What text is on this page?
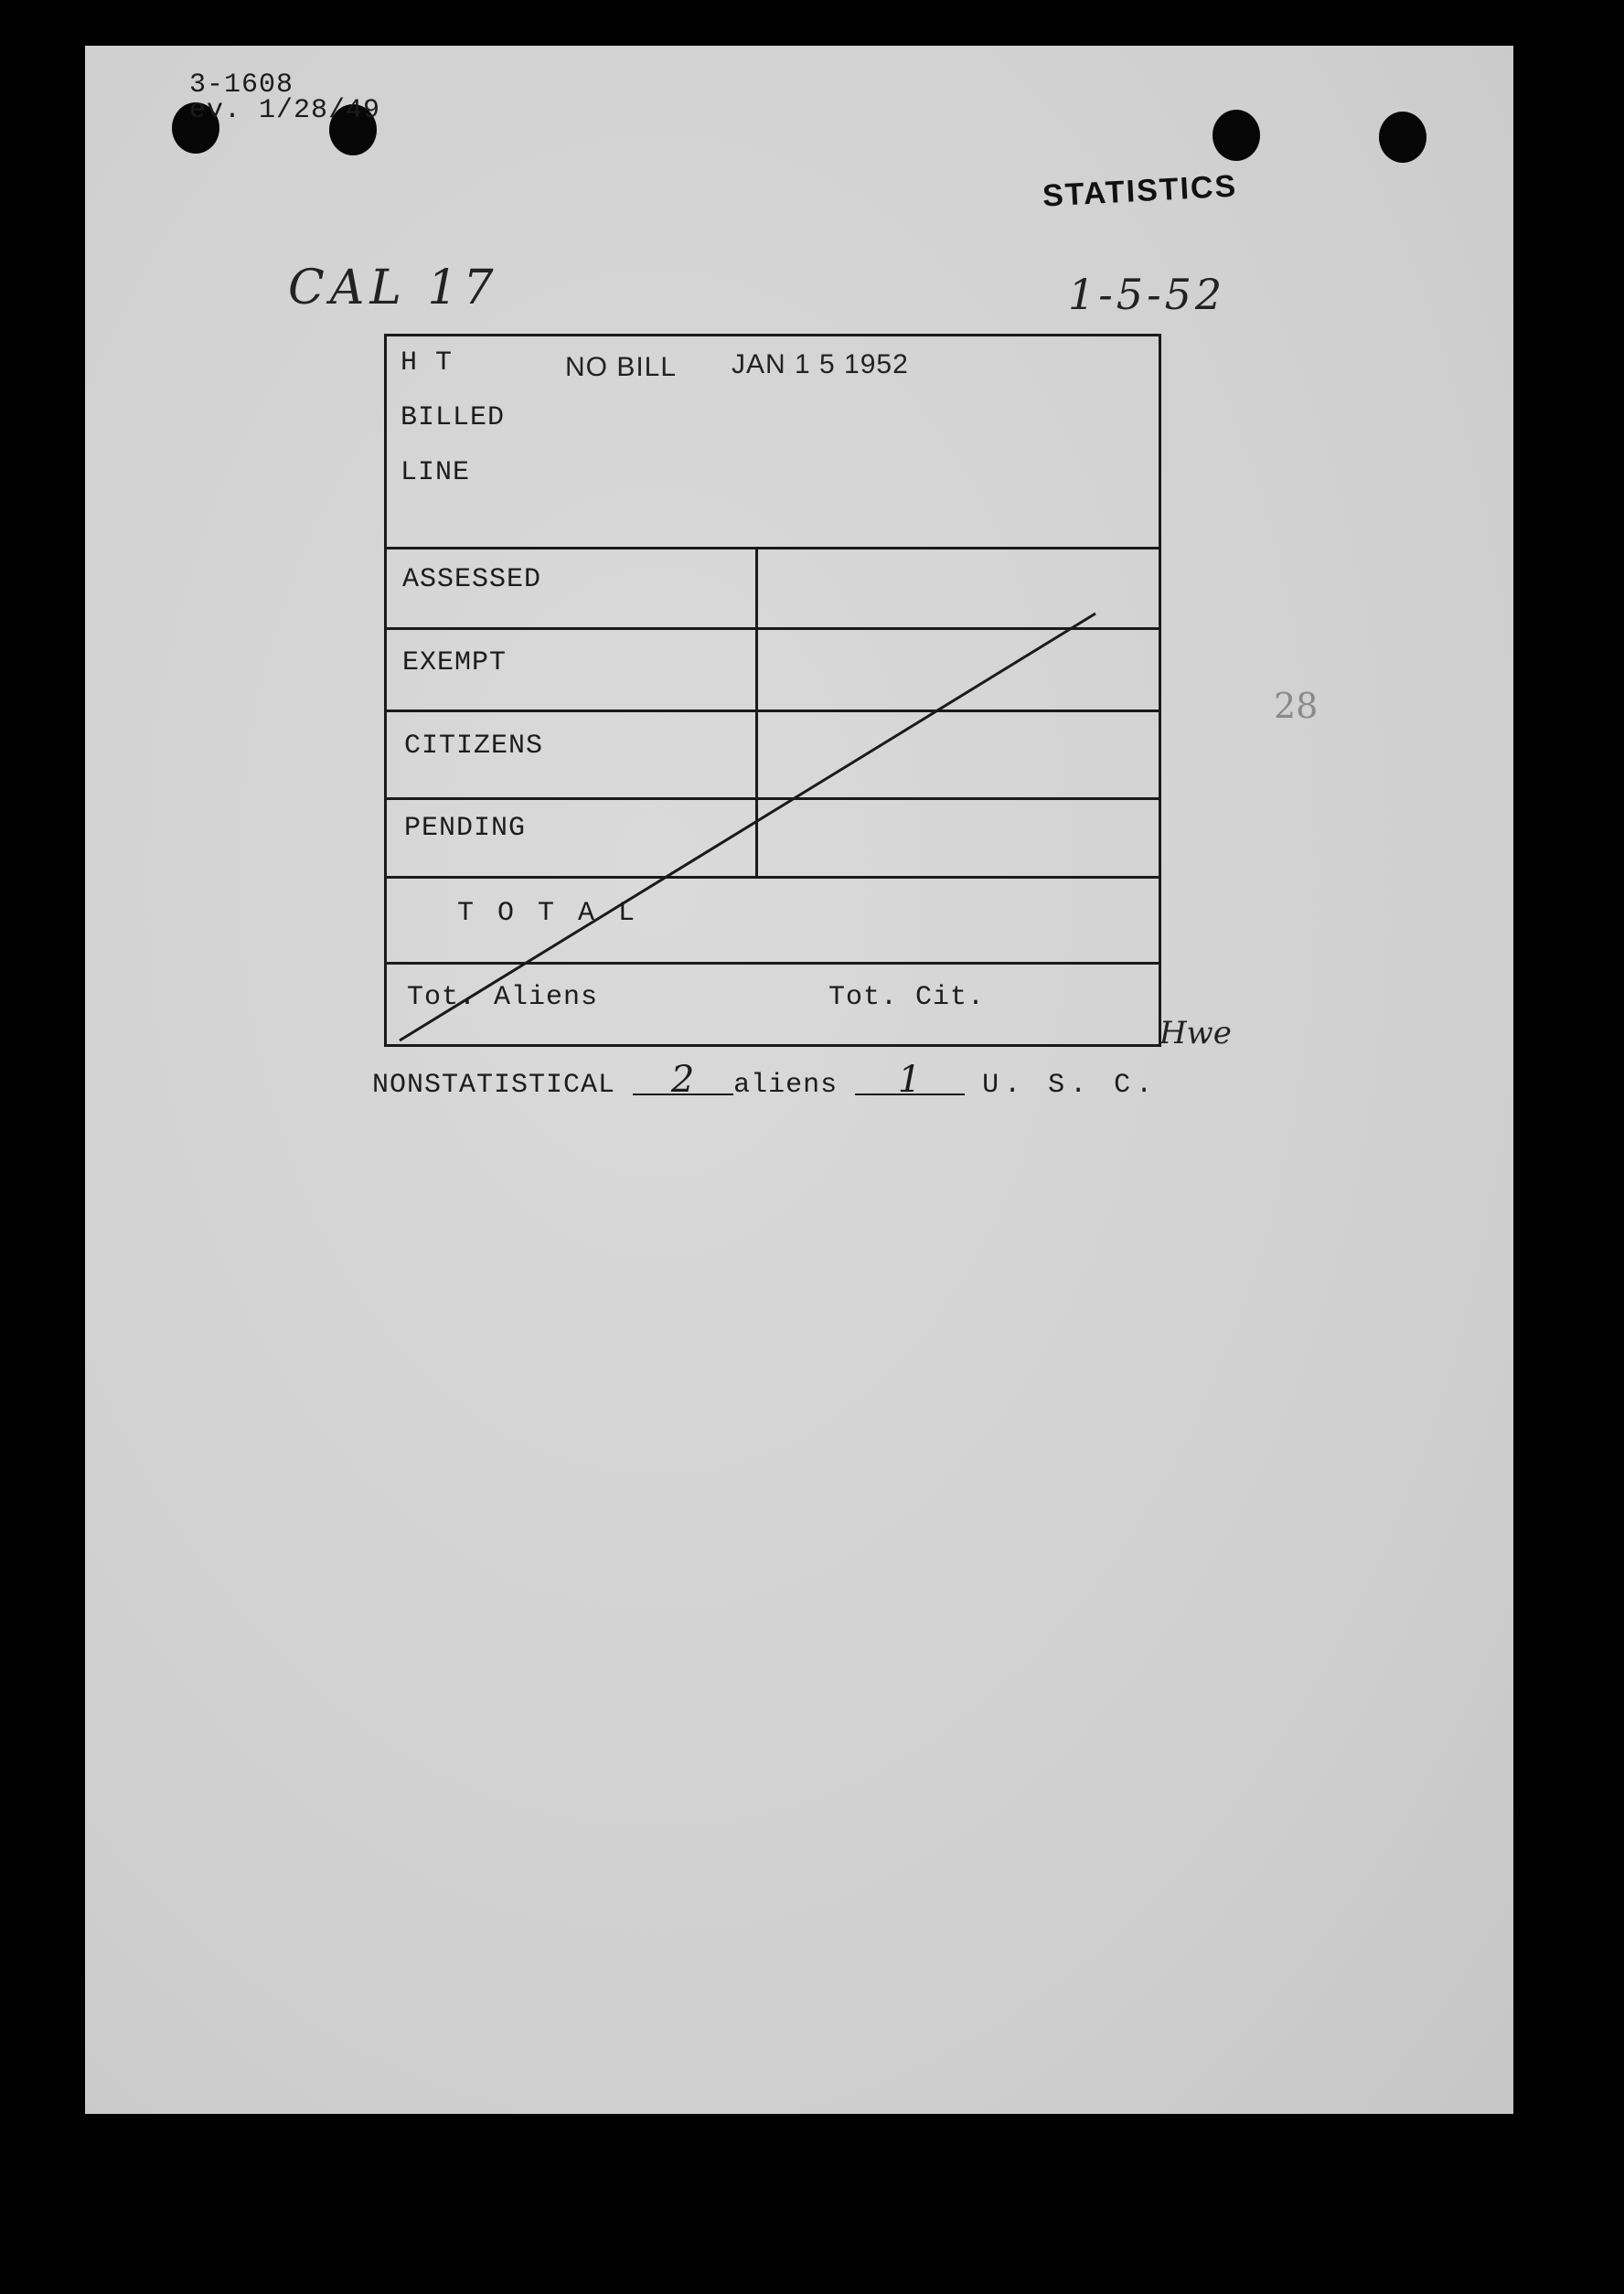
3-1608
ev. 1/28/49
STATISTICS
CAL 17	1-5-52
H T	NO BILL JAN 1 5 1952
BILLED
LINE
ASSESSED
EXEMPT
CITIZENS
PENDING
T O T A L
Tot. Aliens	Tot. Cit.
Hwe
28
NONSTATISTICAL 2 aliens 1 U. S. C.
